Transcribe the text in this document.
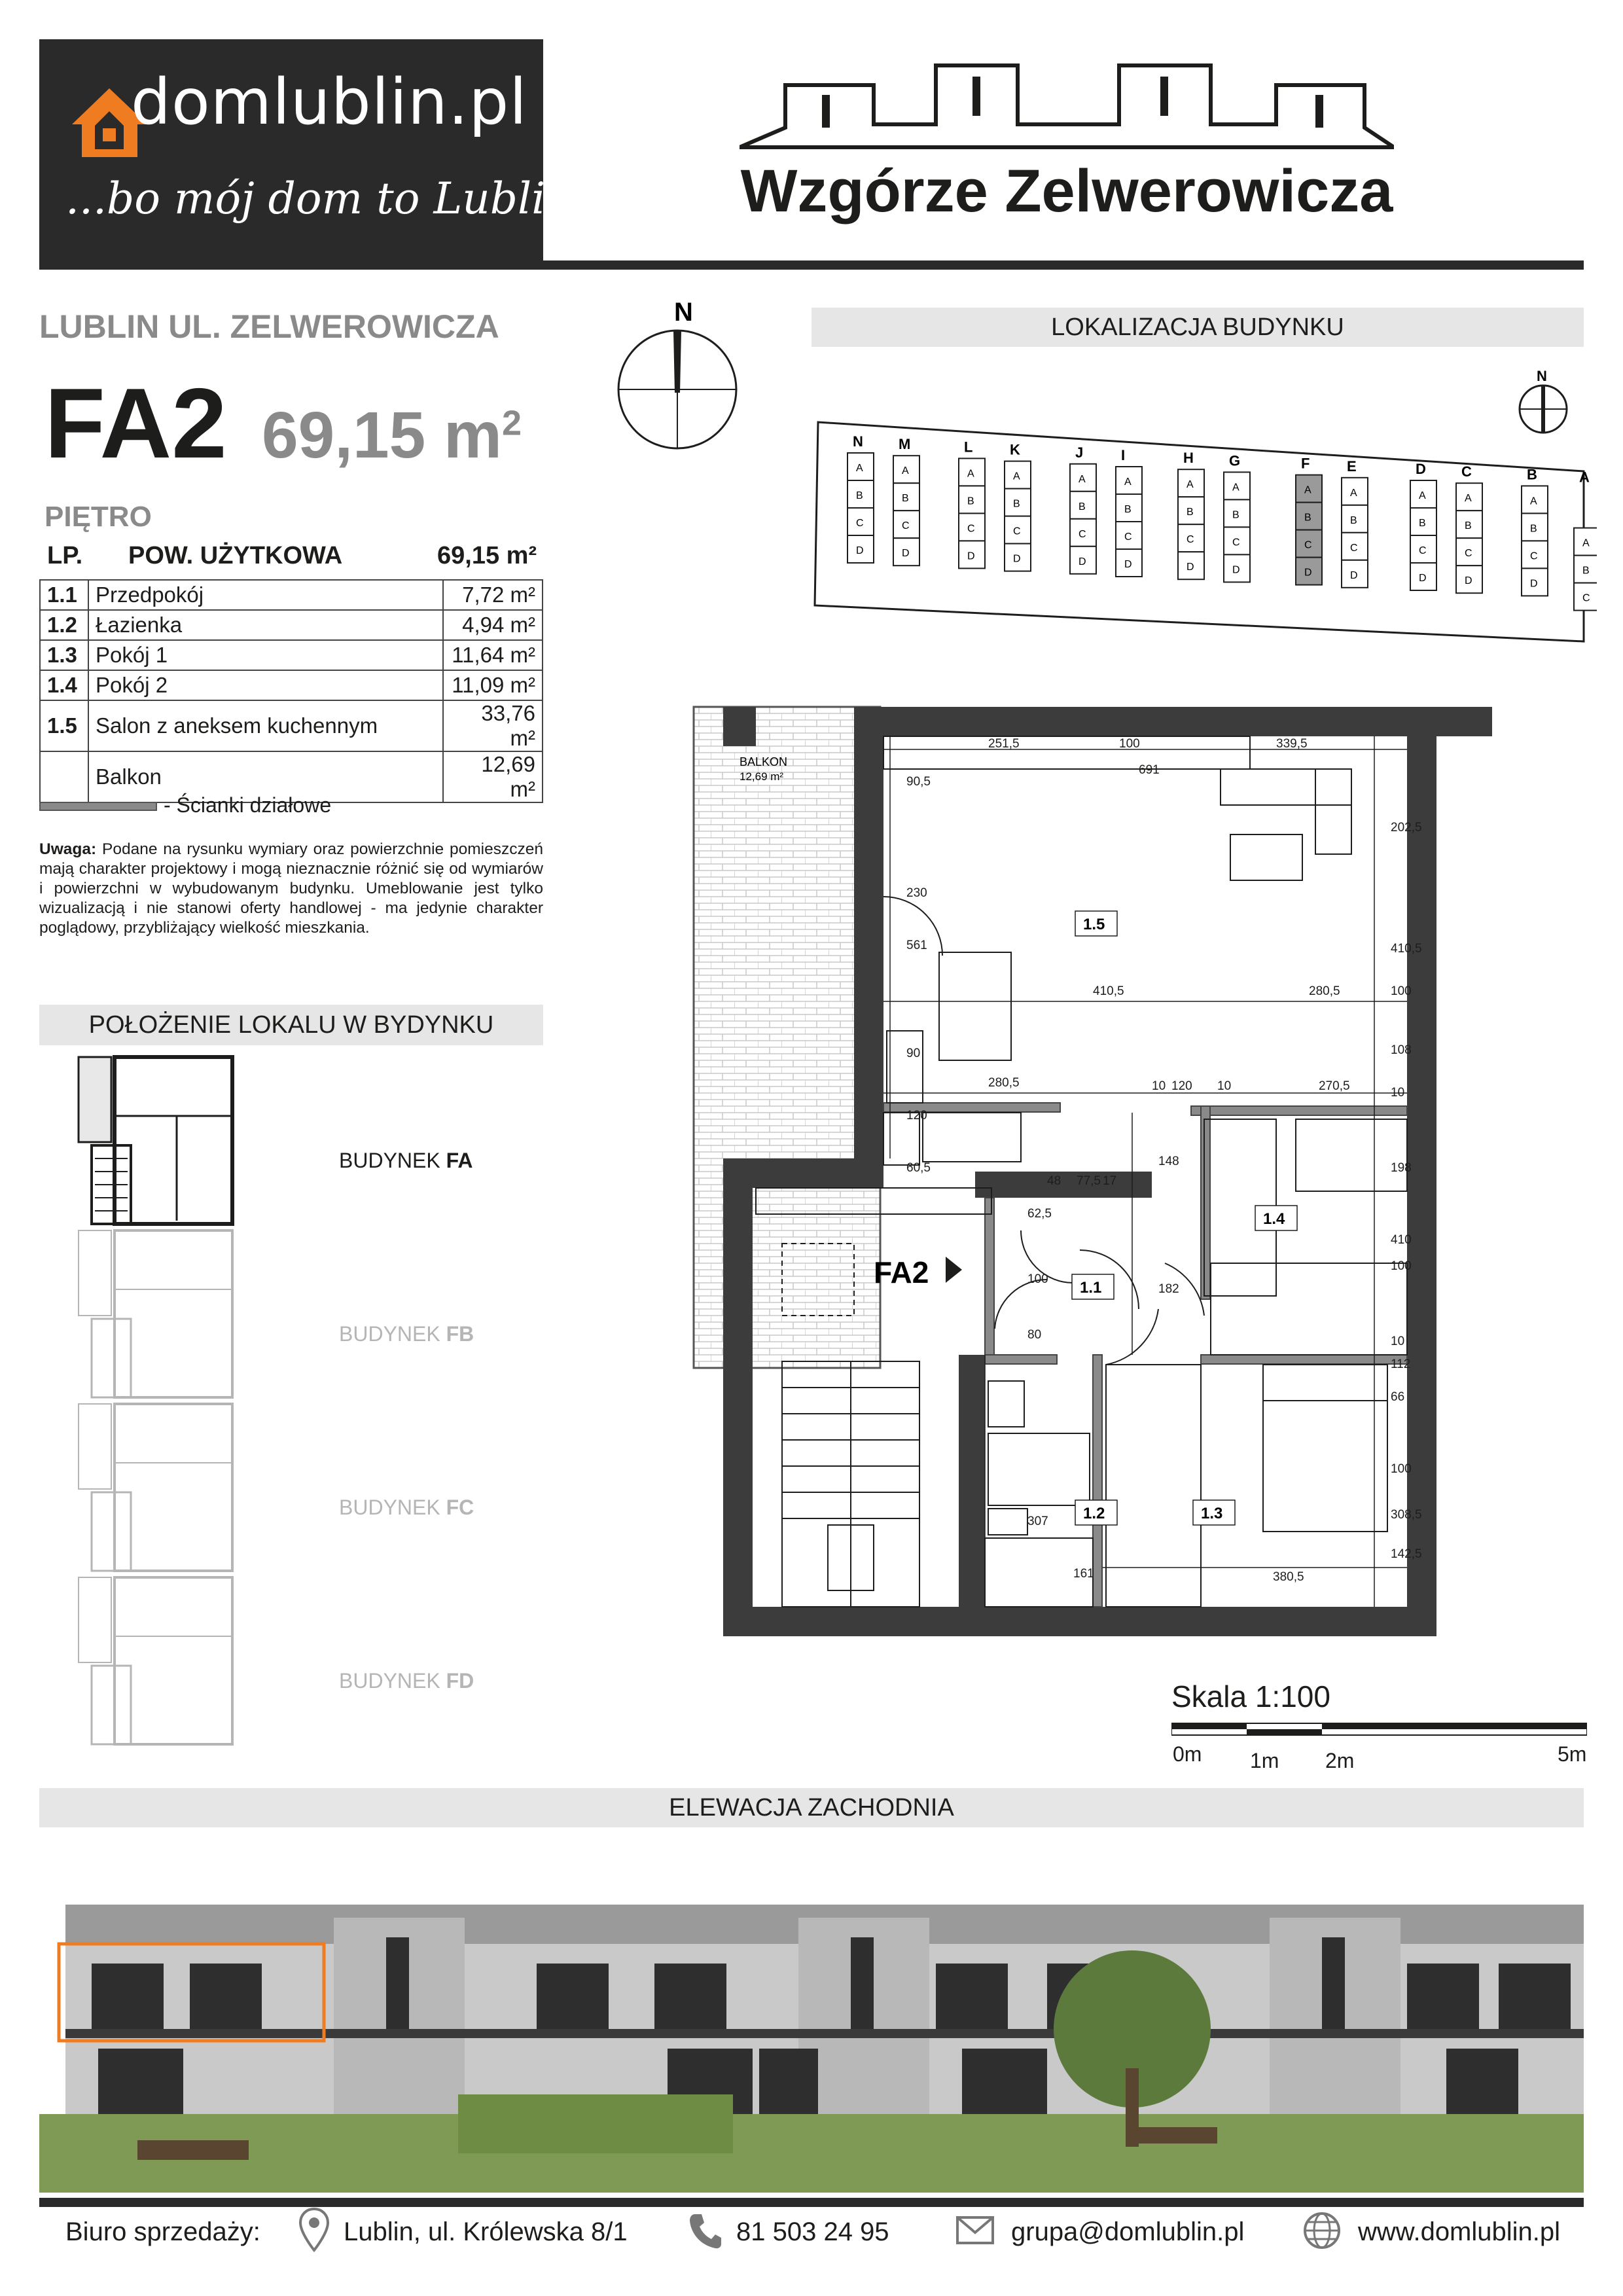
domlublin.pl
...bo mój dom to Lublin	Wzgórze Zelwerowicza
LUBLIN UL. ZELWEROWICZA
FA2 69,15 $m^2$
PIĘTRO
LP. POW. UŻYTKOWA	69,15 m²
1.1	Przedpokój	7,72 m²
1.2	Łazienka	4,94 m²
1.3	Pokój 1	11,64 m²
1.4	Pokój 2	11,09 m²
1.5	Salon z aneksem kuchennym	33,76 m²
	Balkon	12,69 m²
- Ścianki działowe
Uwaga: Podane na rysunku wymiary oraz powierzchnie pomieszczeń mają charakter projektowy i mogą nieznacznie różnić się od wymiarów i powierzchni w wybudowanym budynku. Umeblowanie jest tylko wizualizacją i nie stanowi oferty handlowej - ma jedynie charakter poglądowy, przybliżający wielkość mieszkania.
POŁOŻENIE LOKALU W BYDYNKU
BUDYNEK FA
BUDYNEK FB
BUDYNEK FC
BUDYNEK FD
N
LOKALIZACJA BUDYNKU
N
N
A
B
C
D
M
A
B
C
D
L
A
B
C
D
K
A
B
C
D
J
A
B
C
D
I
A
B
C
D
H
A
B
C
D
G
A
B
C
D
F
A
B
C
D
E
A
B
C
D
D
A
B
C
D
C
A
B
C
D
B
A
B
C
D
A
A
B
C
251,5	100	339,5
691
90,5
202,5
230
561	410,5
100
410,5	280,5
90	108
120
10
280,5	10 120 10	270,5
60,5	148	198
48 77,5 17
62,5
410
100
100
182
80	10
112
66
100
308,5
307
142,5
161	380,5
BALKON
12,69 m²
FA2
1.5
1.4
1.1
1.2	1.3
Skala 1:100
0m 1m 2m	5m
ELEWACJA ZACHODNIA
Biuro sprzedaży:	Lublin, ul. Królewska 8/1	81 503 24 95	grupa@domlublin.pl	www.domlublin.pl
